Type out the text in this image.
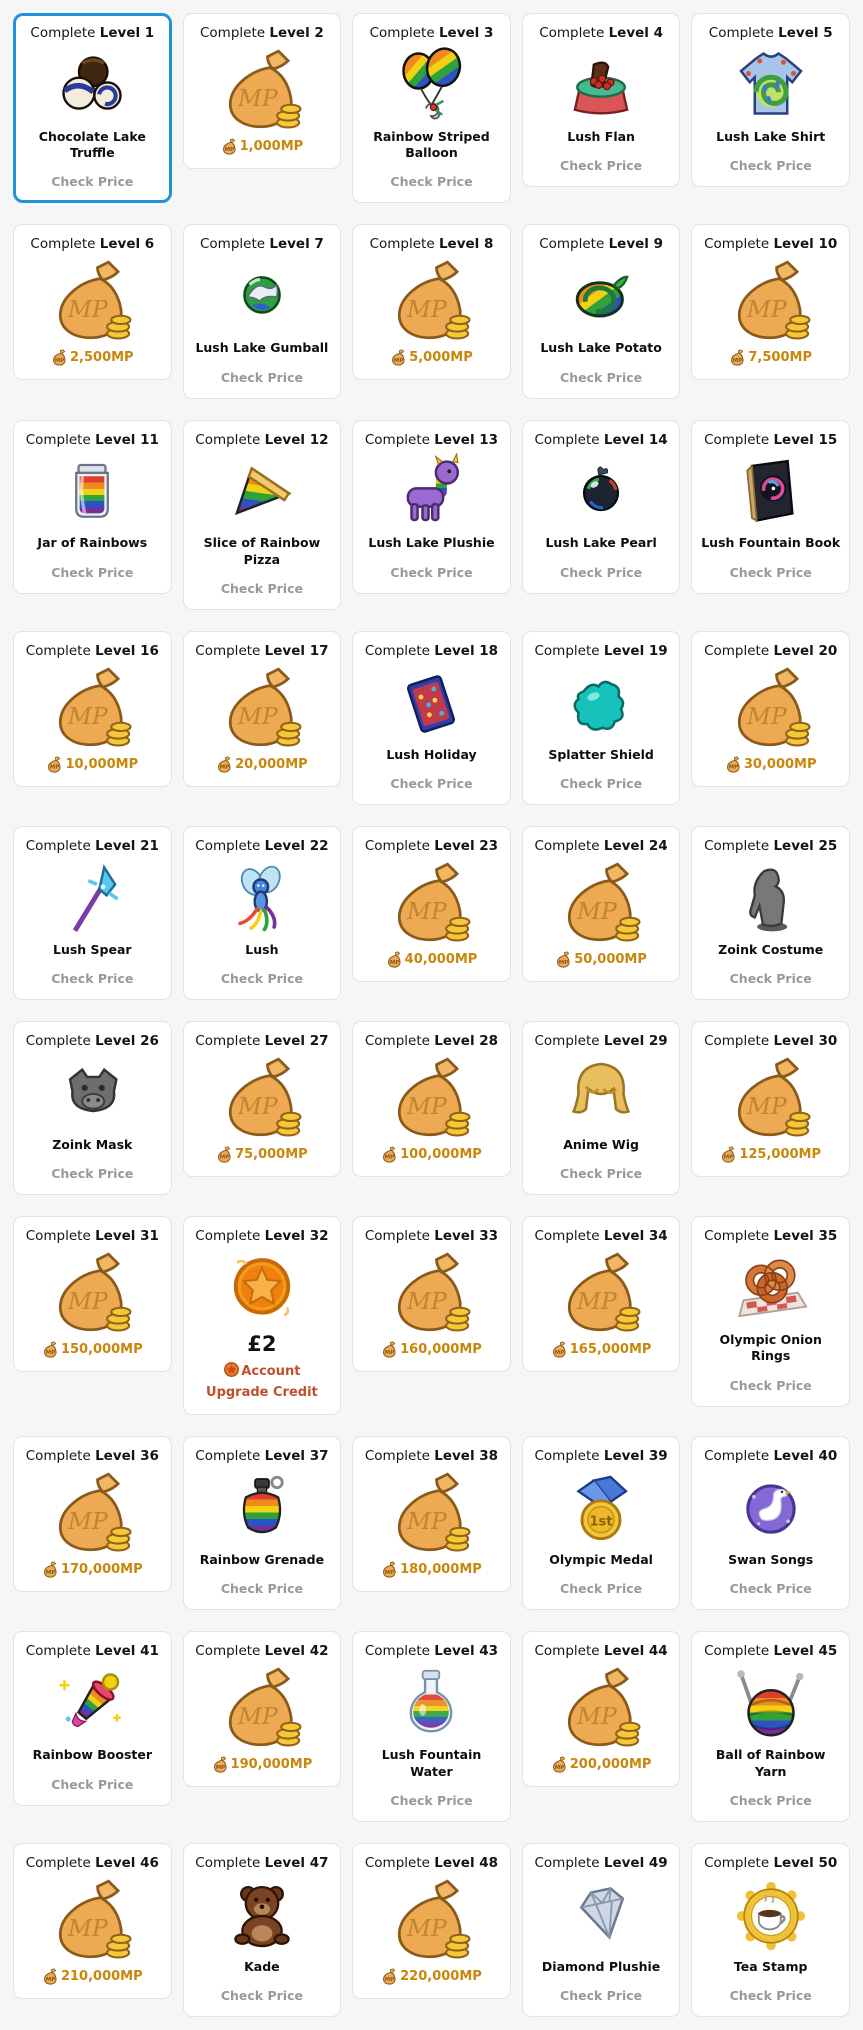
Complete Level 1
Chocolate Lake Truffle
Check Price
Complete Level 2
MP
MP 1,000MP
Complete Level 3
Rainbow Striped Balloon
Check Price
Complete Level 4
Lush Flan
Check Price
Complete Level 5
Lush Lake Shirt
Check Price
Complete Level 6
MP
MP 2,500MP
Complete Level 7
Lush Lake Gumball
Check Price
Complete Level 8
MP
MP 5,000MP
Complete Level 9
Lush Lake Potato
Check Price
Complete Level 10
MP
MP 7,500MP
Complete Level 11
Jar of Rainbows
Check Price
Complete Level 12
Slice of Rainbow Pizza
Check Price
Complete Level 13
Lush Lake Plushie
Check Price
Complete Level 14
Lush Lake Pearl
Check Price
Complete Level 15
Lush Fountain Book
Check Price
Complete Level 16
MP
MP 10,000MP
Complete Level 17
MP
MP 20,000MP
Complete Level 18
Lush Holiday
Check Price
Complete Level 19
Splatter Shield
Check Price
Complete Level 20
MP
MP 30,000MP
Complete Level 21
Lush Spear
Check Price
Complete Level 22
Lush
Check Price
Complete Level 23
MP
MP 40,000MP
Complete Level 24
MP
MP 50,000MP
Complete Level 25
Zoink Costume
Check Price
Complete Level 26
Zoink Mask
Check Price
Complete Level 27
MP
MP 75,000MP
Complete Level 28
MP
MP 100,000MP
Complete Level 29
Anime Wig
Check Price
Complete Level 30
MP
MP 125,000MP
Complete Level 31
MP
MP 150,000MP
Complete Level 32
£2
Account Upgrade Credit
Complete Level 33
MP
MP 160,000MP
Complete Level 34
MP
MP 165,000MP
Complete Level 35
Olympic Onion Rings
Check Price
Complete Level 36
MP
MP 170,000MP
Complete Level 37
Rainbow Grenade
Check Price
Complete Level 38
MP
MP 180,000MP
Complete Level 39
1st
Olympic Medal
Check Price
Complete Level 40
Swan Songs
Check Price
Complete Level 41
Rainbow Booster
Check Price
Complete Level 42
MP
MP 190,000MP
Complete Level 43
Lush Fountain Water
Check Price
Complete Level 44
MP
MP 200,000MP
Complete Level 45
Ball of Rainbow Yarn
Check Price
Complete Level 46
MP
MP 210,000MP
Complete Level 47
Kade
Check Price
Complete Level 48
MP
MP 220,000MP
Complete Level 49
Diamond Plushie
Check Price
Complete Level 50
Tea Stamp
Check Price
